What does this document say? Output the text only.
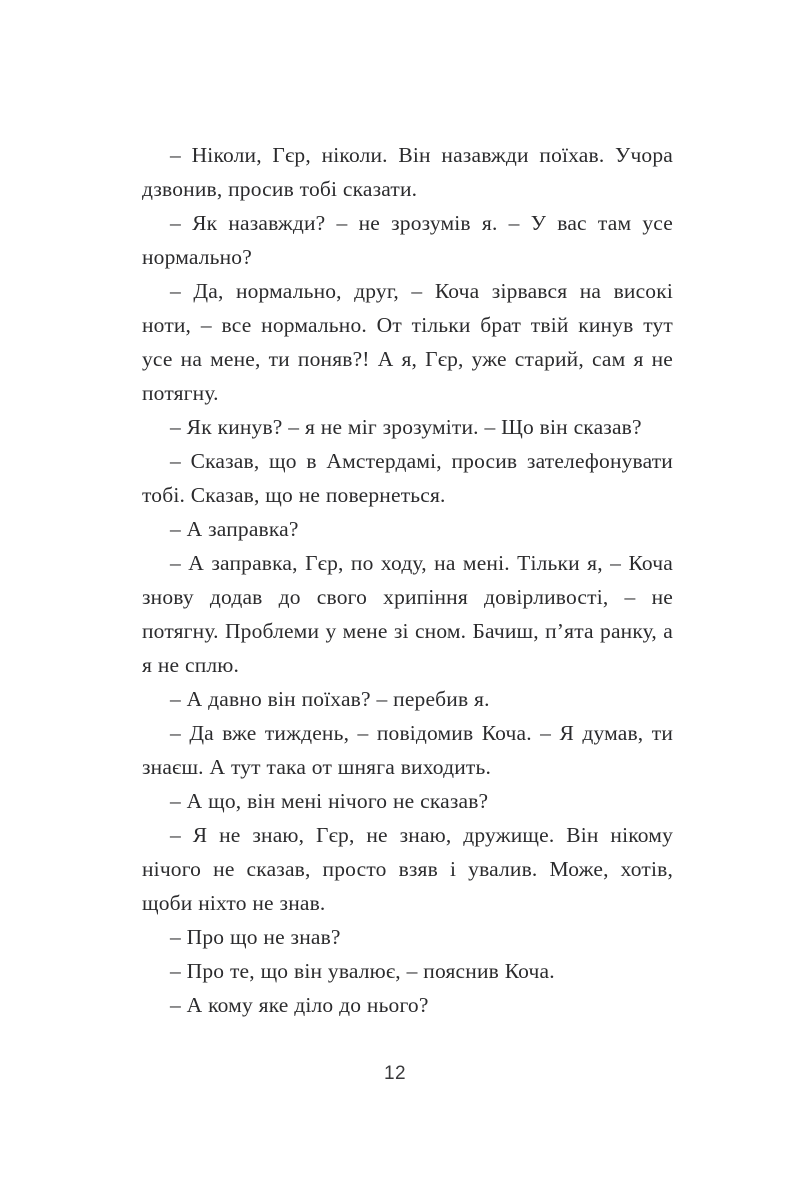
– Ніколи, Гєр, ніколи. Він назавжди поїхав. Учора дзвонив, просив тобі сказати.

– Як назавжди? – не зрозумів я. – У вас там усе нормально?

– Да, нормально, друг, – Коча зірвався на високі ноти, – все нормально. От тільки брат твій кинув тут усе на мене, ти поняв?! А я, Гєр, уже старий, сам я не потягну.

– Як кинув? – я не міг зрозуміти. – Що він сказав?

– Сказав, що в Амстердамі, просив зателефонувати тобі. Сказав, що не повернеться.

– А заправка?

– А заправка, Гєр, по ходу, на мені. Тільки я, – Коча знову додав до свого хрипіння довірливості, – не потягну. Проблеми у мене зі сном. Бачиш, п’ята ранку, а я не сплю.

– А давно він поїхав? – перебив я.

– Да вже тиждень, – повідомив Коча. – Я думав, ти знаєш. А тут така от шняга виходить.

– А що, він мені нічого не сказав?

– Я не знаю, Гєр, не знаю, дружище. Він нікому нічого не сказав, просто взяв і увалив. Може, хотів, щоби ніхто не знав.

– Про що не знав?

– Про те, що він увалює, – пояснив Коча.

– А кому яке діло до нього?

12
